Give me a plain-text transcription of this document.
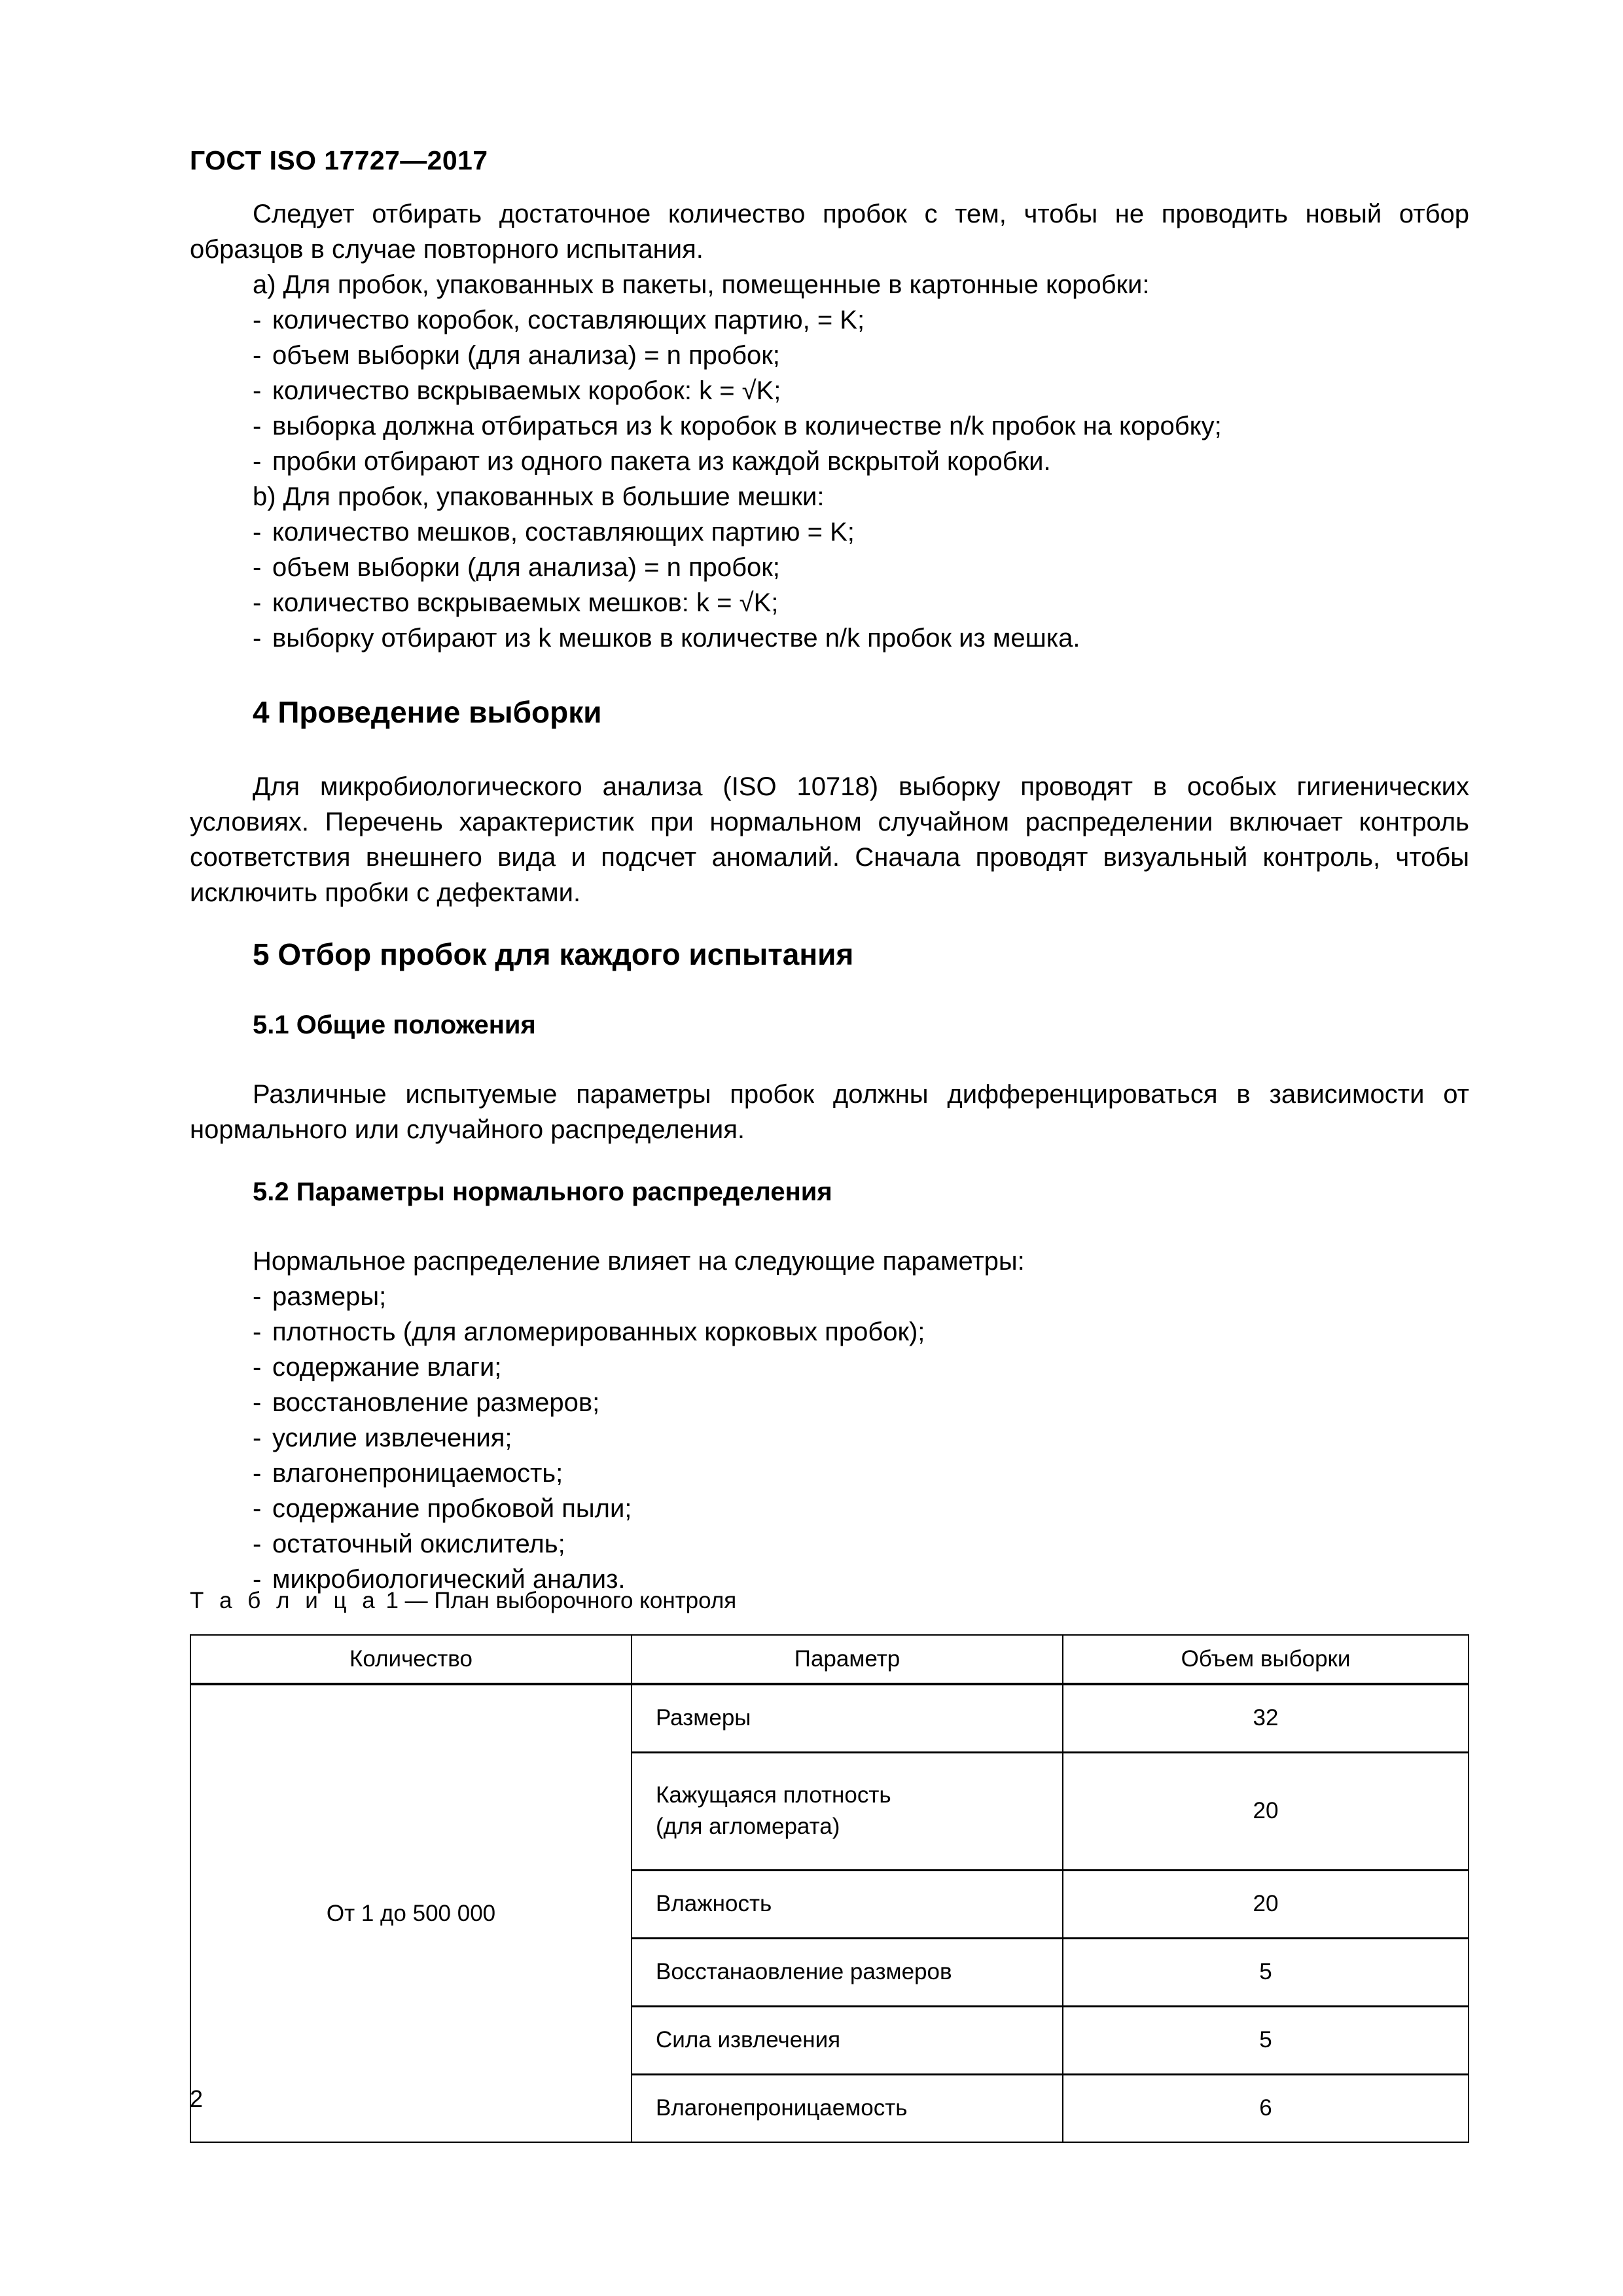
ГОСТ ISO 17727—2017

Следует отбирать достаточное количество пробок с тем, чтобы не проводить новый отбор образцов в случае повторного испытания.

a) Для пробок, упакованных в пакеты, помещенные в картонные коробки:

- количество коробок, составляющих партию, = K;
- объем выборки (для анализа) = n пробок;
- количество вскрываемых коробок: k = √K;
- выборка должна отбираться из k коробок в количестве n/k пробок на коробку;
- пробки отбирают из одного пакета из каждой вскрытой коробки.

b) Для пробок, упакованных в большие мешки:

- количество мешков, составляющих партию = K;
- объем выборки (для анализа) = n пробок;
- количество вскрываемых мешков: k = √K;
- выборку отбирают из k мешков в количестве n/k пробок из мешка.
4 Проведение выборки

Для микробиологического анализа (ISO 10718) выборку проводят в особых гигиенических условиях. Перечень характеристик при нормальном случайном распределении включает контроль соответствия внешнего вида и подсчет аномалий. Сначала проводят визуальный контроль, чтобы исключить пробки с дефектами.

5 Отбор пробок для каждого испытания
5.1 Общие положения

Различные испытуемые параметры пробок должны дифференцироваться в зависимости от нормального или случайного распределения.

5.2 Параметры нормального распределения

Нормальное распределение влияет на следующие параметры:

- размеры;
- плотность (для агломерированных корковых пробок);
- содержание влаги;
- восстановление размеров;
- усилие извлечения;
- влагонепроницаемость;
- содержание пробковой пыли;
- остаточный окислитель;
- микробиологический анализ.
Т а б л и ц а 1 — План выборочного контроля
Количество	Параметр	Объем выборки
От 1 до 500 000	Размеры	32

	Кажущаяся плотность
(для агломерата)	20
	Влажность	20
	Восстанаовление размеров	5
	Сила извлечения	5
	Влагонепроницаемость	6
2
